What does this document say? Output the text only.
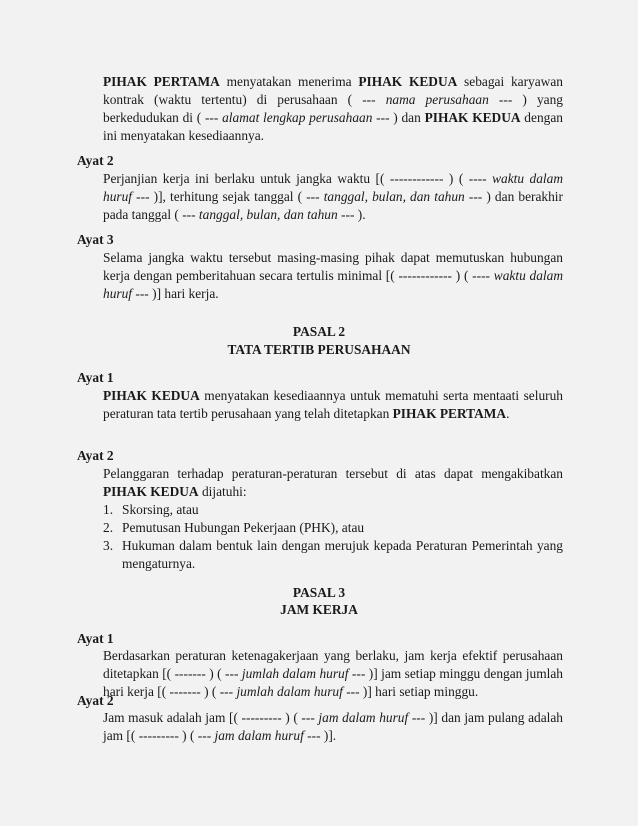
PIHAK PERTAMA menyatakan menerima PIHAK KEDUA sebagai karyawan kontrak (waktu tertentu) di perusahaan ( --- nama perusahaan --- ) yang berkedudukan di ( --- alamat lengkap perusahaan --- ) dan PIHAK KEDUA dengan ini menyatakan kesediaannya.
Ayat 2
Perjanjian kerja ini berlaku untuk jangka waktu [( ------------ ) ( ---- waktu dalam huruf --- )], terhitung sejak tanggal ( --- tanggal, bulan, dan tahun --- ) dan berakhir pada tanggal ( --- tanggal, bulan, dan tahun --- ).
Ayat 3
Selama jangka waktu tersebut masing-masing pihak dapat memutuskan hubungan kerja dengan pemberitahuan secara tertulis minimal [( ------------ ) ( ---- waktu dalam huruf --- )] hari kerja.
PASAL 2
TATA TERTIB PERUSAHAAN
Ayat 1
PIHAK KEDUA menyatakan kesediaannya untuk mematuhi serta mentaati seluruh peraturan tata tertib perusahaan yang telah ditetapkan PIHAK PERTAMA.
Ayat 2
Pelanggaran terhadap peraturan-peraturan tersebut di atas dapat mengakibatkan PIHAK KEDUA dijatuhi:
1. Skorsing, atau
2. Pemutusan Hubungan Pekerjaan (PHK), atau
3. Hukuman dalam bentuk lain dengan merujuk kepada Peraturan Pemerintah yang mengaturnya.
PASAL 3
JAM KERJA
Ayat 1
Berdasarkan peraturan ketenagakerjaan yang berlaku, jam kerja efektif perusahaan ditetapkan [( ------- ) ( --- jumlah dalam huruf --- )] jam setiap minggu dengan jumlah hari kerja [( ------- ) ( --- jumlah dalam huruf --- )] hari setiap minggu.
Ayat 2
Jam masuk adalah jam [( --------- ) ( --- jam dalam huruf --- )] dan jam pulang adalah jam [( --------- ) ( --- jam dalam huruf --- )].
